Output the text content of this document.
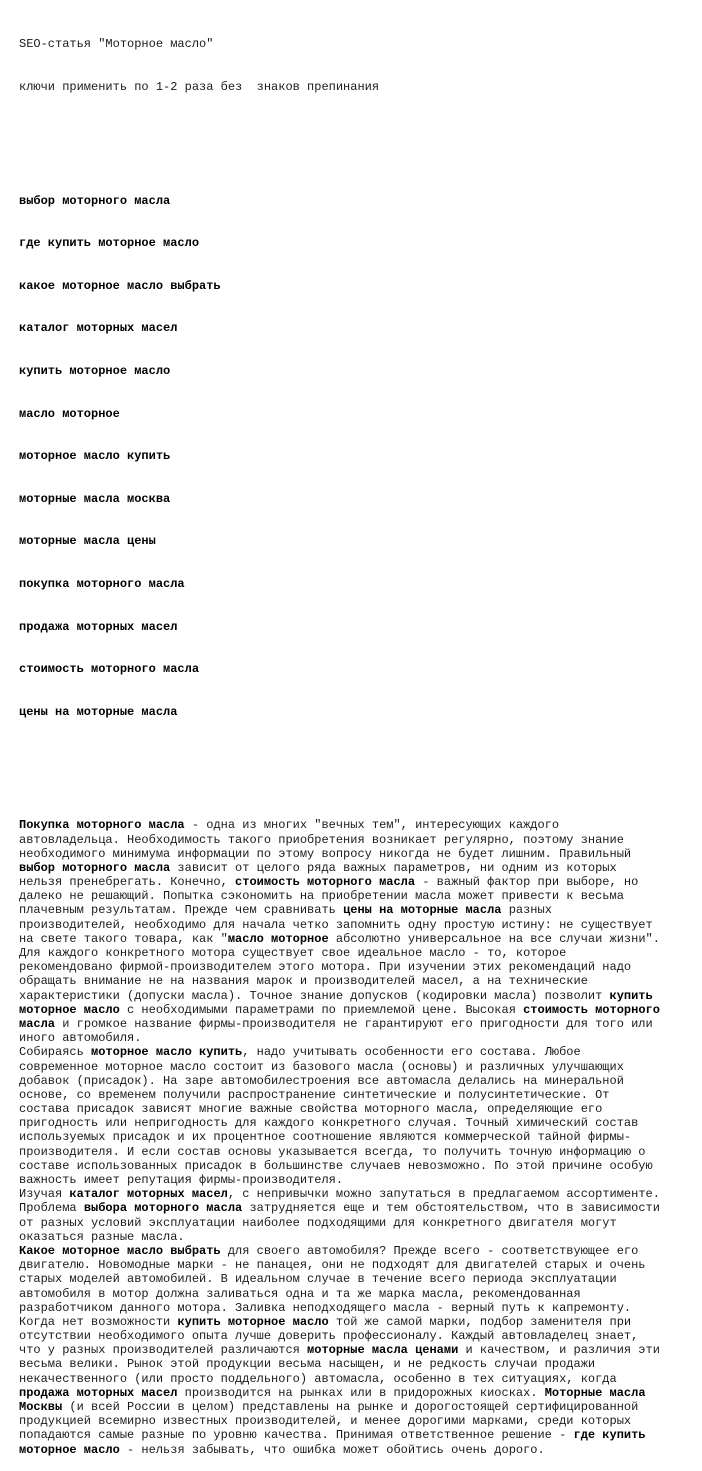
SEO-статья "Моторное масло"

ключи применить по 1-2 раза без  знаков препинания

выбор моторного масла

где купить моторное масло

какое моторное масло выбрать

каталог моторных масел

купить моторное масло

масло моторное

моторное масло купить

моторные масла москва

моторные масла цены

покупка моторного масла

продажа моторных масел

стоимость моторного масла

цены на моторные масла

Покупка моторного масла - одна из многих "вечных тем", интересующих каждого
автовладельца. Необходимость такого приобретения возникает регулярно, поэтому знание
необходимого минимума информации по этому вопросу никогда не будет лишним. Правильный
выбор моторного масла зависит от целого ряда важных параметров, ни одним из которых
нельзя пренебрегать. Конечно, стоимость моторного масла - важный фактор при выборе, но
далеко не решающий. Попытка сэкономить на приобретении масла может привести к весьма
плачевным результатам. Прежде чем сравнивать цены на моторные масла разных
производителей, необходимо для начала четко запомнить одну простую истину: не существует
на свете такого товара, как "масло моторное абсолютно универсальное на все случаи жизни".
Для каждого конкретного мотора существует свое идеальное масло - то, которое
рекомендовано фирмой-производителем этого мотора. При изучении этих рекомендаций надо
обращать внимание не на названия марок и производителей масел, а на технические
характеристики (допуски масла). Точное знание допусков (кодировки масла) позволит купить
моторное масло с необходимыми параметрами по приемлемой цене. Высокая стоимость моторного
масла и громкое название фирмы-производителя не гарантируют его пригодности для того или
иного автомобиля.
Собираясь моторное масло купить, надо учитывать особенности его состава. Любое
современное моторное масло состоит из базового масла (основы) и различных улучшающих
добавок (присадок). На заре автомобилестроения все автомасла делались на минеральной
основе, со временем получили распространение синтетические и полусинтетические. От
состава присадок зависят многие важные свойства моторного масла, определяющие его
пригодность или непригодность для каждого конкретного случая. Точный химический состав
используемых присадок и их процентное соотношение являются коммерческой тайной фирмы-
производителя. И если состав основы указывается всегда, то получить точную информацию о
составе использованных присадок в большинстве случаев невозможно. По этой причине особую
важность имеет репутация фирмы-производителя.
Изучая каталог моторных масел, с непривычки можно запутаться в предлагаемом ассортименте.
Проблема выбора моторного масла затрудняется еще и тем обстоятельством, что в зависимости
от разных условий эксплуатации наиболее подходящими для конкретного двигателя могут
оказаться разные масла.
Какое моторное масло выбрать для своего автомобиля? Прежде всего - соответствующее его
двигателю. Новомодные марки - не панацея, они не подходят для двигателей старых и очень
старых моделей автомобилей. В идеальном случае в течение всего периода эксплуатации
автомобиля в мотор должна заливаться одна и та же марка масла, рекомендованная
разработчиком данного мотора. Заливка неподходящего масла - верный путь к капремонту.
Когда нет возможности купить моторное масло той же самой марки, подбор заменителя при
отсутствии необходимого опыта лучше доверить профессионалу. Каждый автовладелец знает,
что у разных производителей различаются моторные масла ценами и качеством, и различия эти
весьма велики. Рынок этой продукции весьма насыщен, и не редкость случаи продажи
некачественного (или просто поддельного) автомасла, особенно в тех ситуациях, когда
продажа моторных масел производится на рынках или в придорожных киосках. Моторные масла
Москвы (и всей России в целом) представлены на рынке и дорогостоящей сертифицированной
продукцией всемирно известных производителей, и менее дорогими марками, среди которых
попадаются самые разные по уровню качества. Принимая ответственное решение - где купить
моторное масло - нельзя забывать, что ошибка может обойтись очень дорого.
